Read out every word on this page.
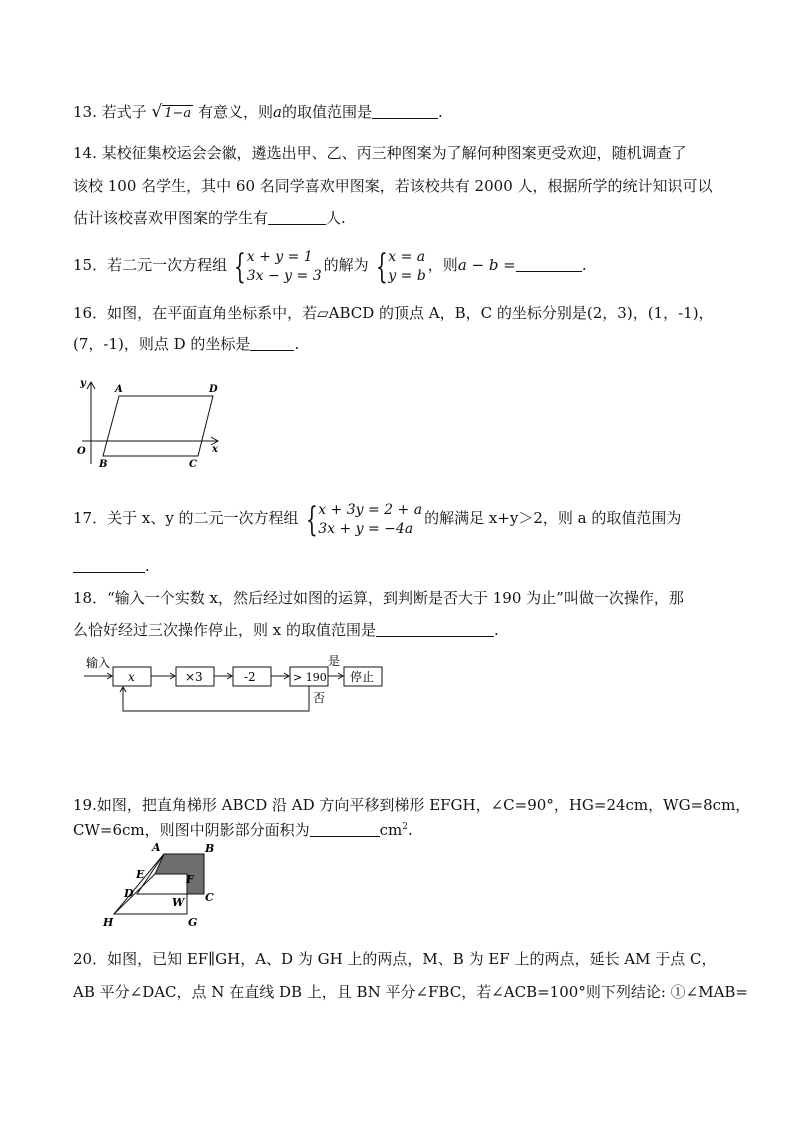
13. 若式子 √ 1−a 有意义，则a的取值范围是	.
14. 某校征集校运会会徽，遴选出甲、乙、丙三种图案为了解何种图案更受欢迎，随机调查了
该校 100 名学生，其中 60 名同学喜欢甲图案，若该校共有 2000 人，根据所学的统计知识可以
估计该校喜欢甲图案的学生有	人.
15．若二元一次方程组 { x + y = 1
3x − y = 3
的解为 { x = a
y = b
，则a − b =	.
16．如图，在平面直角坐标系中，若▱ABCD 的顶点 A，B，C 的坐标分别是(2，3)，(1，-1)，
(7，-1)，则点 D 的坐标是	.
y
O	x
A	D
B	C
17．关于 x、y 的二元一次方程组 { x + 3y = 2 + a
3x + y = −4a
的解满足 x+y＞2，则 a 的取值范围为
.
18．“输入一个实数 x，然后经过如图的运算，到判断是否大于 190 为止”叫做一次操作，那
么恰好经过三次操作停止，则 x 的取值范围是	.
输入
x	×3	-2	> 190
是
停止
否
19.如图，把直角梯形 ABCD 沿 AD 方向平移到梯形 EFGH，∠C=90°，HG=24cm，WG=8cm，
CW=6cm，则图中阴影部分面积为	$cm^2$.
A	B
E	F
C
D
W
H	G
20．如图，已知 EF∥GH，A、D 为 GH 上的两点，M、B 为 EF 上的两点，延长 AM 于点 C，
AB 平分∠DAC，点 N 在直线 DB 上，且 BN 平分∠FBC，若∠ACB=100°则下列结论: ①∠MAB=
